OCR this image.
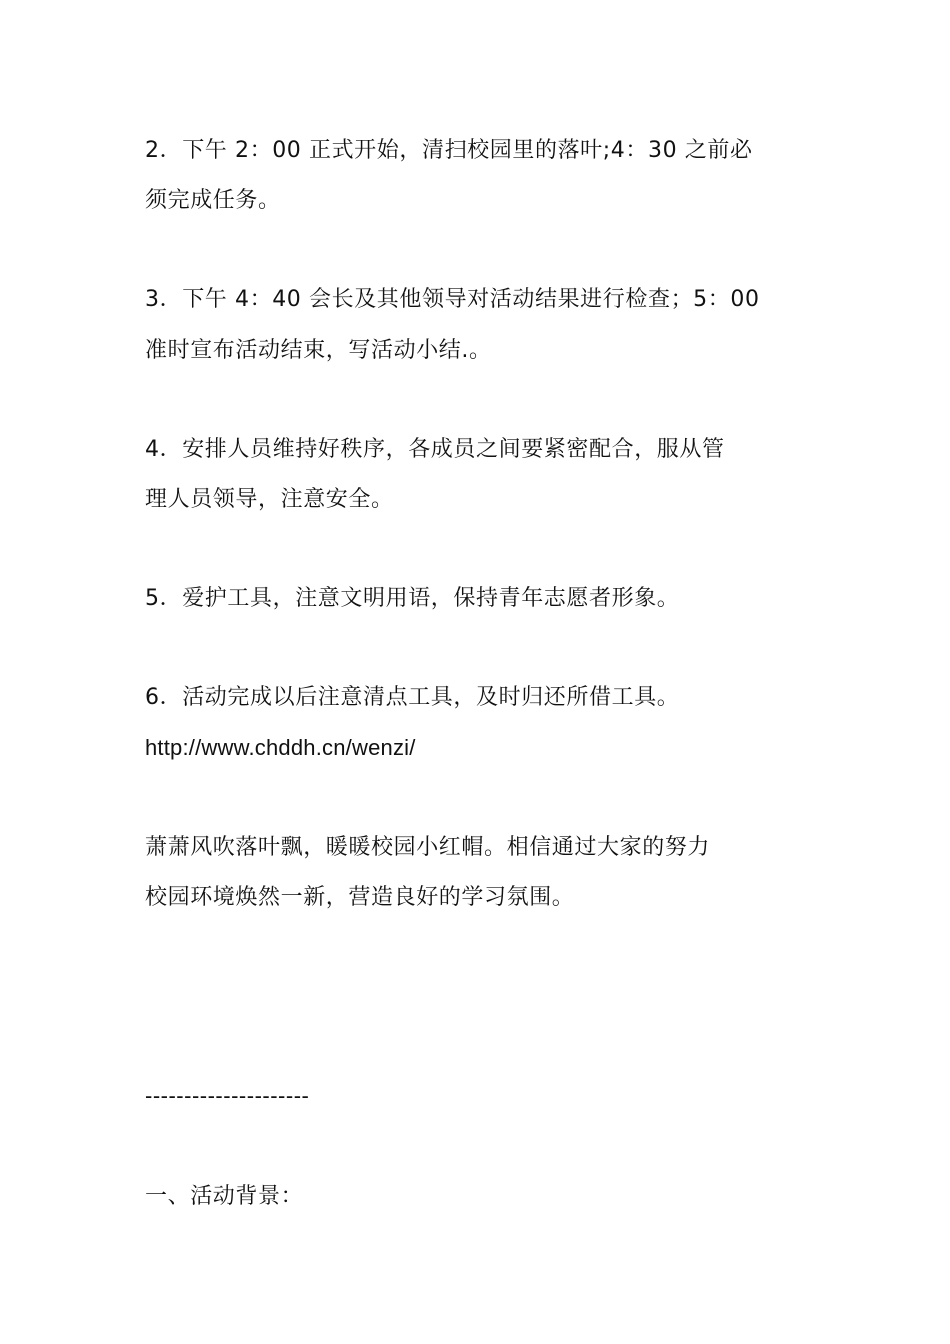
2．下午 2：00 正式开始，清扫校园里的落叶;4：30 之前必
须完成任务。
3．下午 4：40 会长及其他领导对活动结果进行检查；5：00
准时宣布活动结束，写活动小结.。
4．安排人员维持好秩序，各成员之间要紧密配合，服从管
理人员领导，注意安全。
5．爱护工具，注意文明用语，保持青年志愿者形象。
6．活动完成以后注意清点工具，及时归还所借工具。
http://www.chddh.cn/wenzi/
萧萧风吹落叶飘，暖暖校园小红帽。相信通过大家的努力
校园环境焕然一新，营造良好的学习氛围。
---------------------
一、活动背景：
